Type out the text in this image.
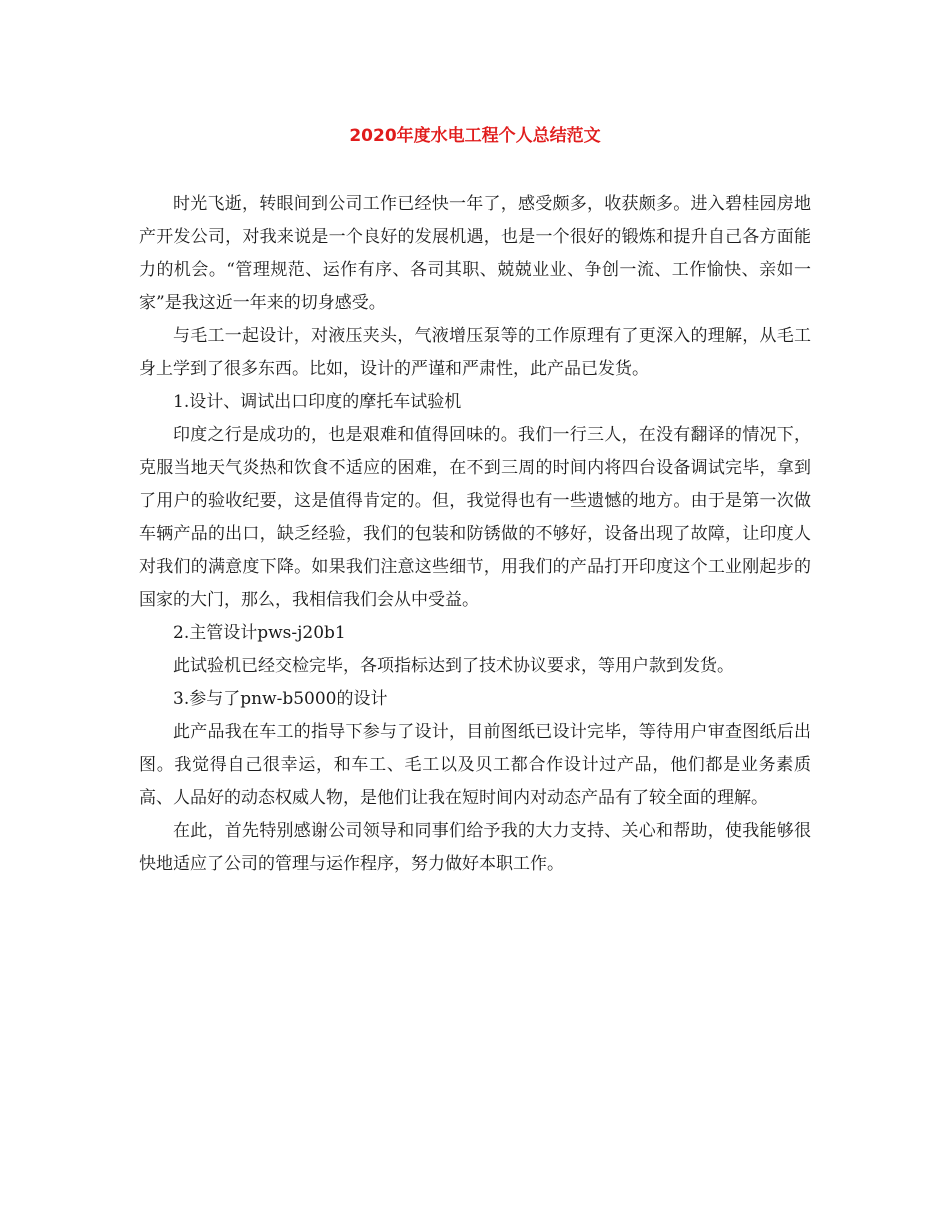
2020年度水电工程个人总结范文

时光飞逝，转眼间到公司工作已经快一年了，感受颇多，收获颇多。进入碧桂园房地产开发公司，对我来说是一个良好的发展机遇，也是一个很好的锻炼和提升自己各方面能力的机会。“管理规范、运作有序、各司其职、兢兢业业、争创一流、工作愉快、亲如一家”是我这近一年来的切身感受。

与毛工一起设计，对液压夹头，气液增压泵等的工作原理有了更深入的理解，从毛工身上学到了很多东西。比如，设计的严谨和严肃性，此产品已发货。

1.设计、调试出口印度的摩托车试验机

印度之行是成功的，也是艰难和值得回味的。我们一行三人，在没有翻译的情况下，克服当地天气炎热和饮食不适应的困难，在不到三周的时间内将四台设备调试完毕，拿到了用户的验收纪要，这是值得肯定的。但，我觉得也有一些遗憾的地方。由于是第一次做车辆产品的出口，缺乏经验，我们的包装和防锈做的不够好，设备出现了故障，让印度人对我们的满意度下降。如果我们注意这些细节，用我们的产品打开印度这个工业刚起步的国家的大门，那么，我相信我们会从中受益。

2.主管设计pws-j20b1

此试验机已经交检完毕，各项指标达到了技术协议要求，等用户款到发货。

3.参与了pnw-b5000的设计

此产品我在车工的指导下参与了设计，目前图纸已设计完毕，等待用户审查图纸后出图。我觉得自己很幸运，和车工、毛工以及贝工都合作设计过产品，他们都是业务素质高、人品好的动态权威人物，是他们让我在短时间内对动态产品有了较全面的理解。

在此，首先特别感谢公司领导和同事们给予我的大力支持、关心和帮助，使我能够很快地适应了公司的管理与运作程序，努力做好本职工作。
